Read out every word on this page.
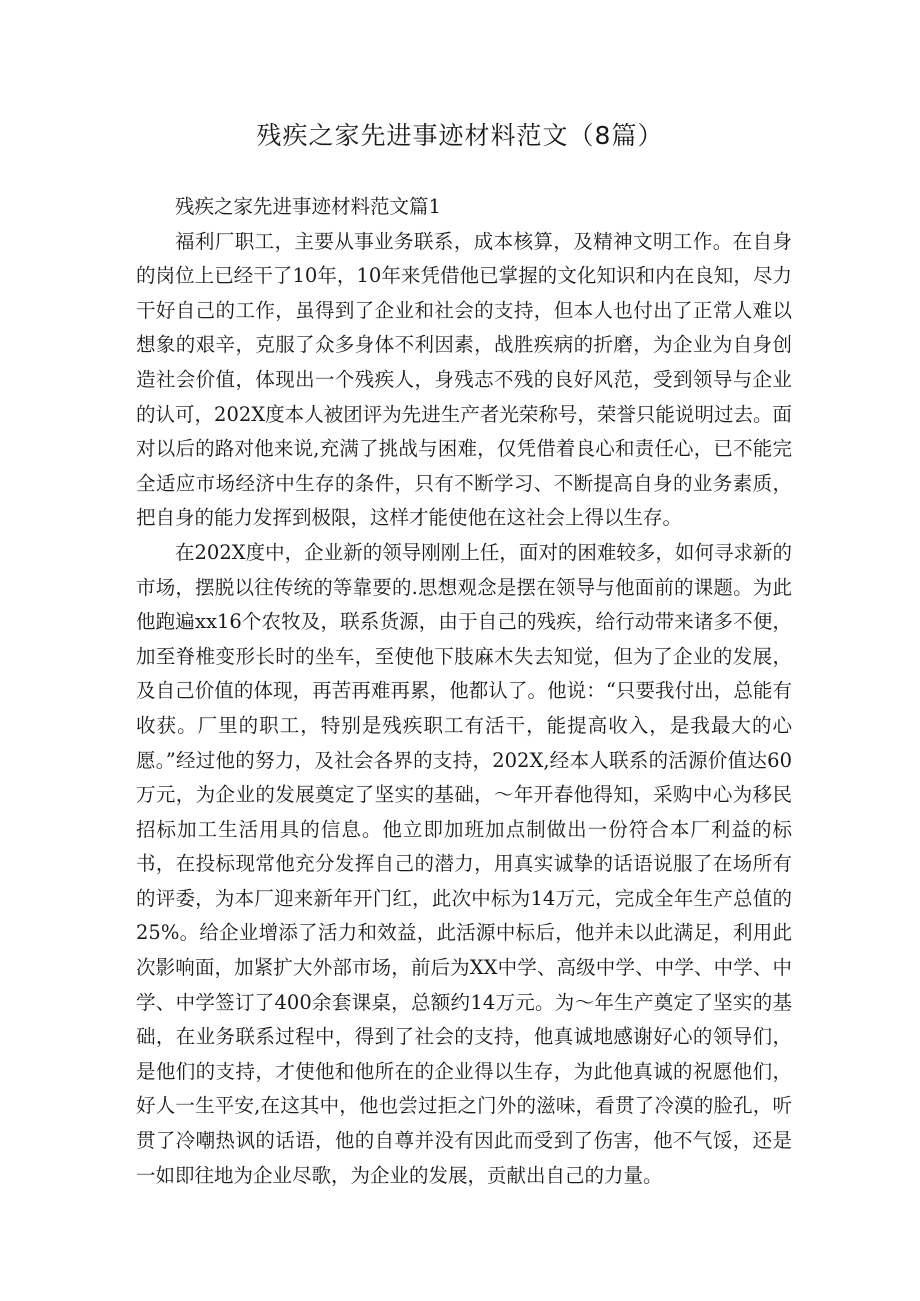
残疾之家先进事迹材料范文（8篇）

残疾之家先进事迹材料范文篇1

福利厂职工，主要从事业务联系，成本核算，及精神文明工作。在自身的岗位上已经干了10年，10年来凭借他已掌握的文化知识和内在良知，尽力干好自己的工作，虽得到了企业和社会的支持，但本人也付出了正常人难以想象的艰辛，克服了众多身体不利因素，战胜疾病的折磨，为企业为自身创造社会价值，体现出一个残疾人，身残志不残的良好风范，受到领导与企业的认可，202X度本人被团评为先进生产者光荣称号，荣誉只能说明过去。面对以后的路对他来说,充满了挑战与困难，仅凭借着良心和责任心，已不能完全适应市场经济中生存的条件，只有不断学习、不断提高自身的业务素质，把自身的能力发挥到极限，这样才能使他在这社会上得以生存。

在202X度中，企业新的领导刚刚上任，面对的困难较多，如何寻求新的市场，摆脱以往传统的等靠要的.思想观念是摆在领导与他面前的课题。为此他跑遍xx16个农牧及，联系货源，由于自己的残疾，给行动带来诸多不便，加至脊椎变形长时的坐车，至使他下肢麻木失去知觉，但为了企业的发展，及自己价值的体现，再苦再难再累，他都认了。他说：“只要我付出，总能有收获。厂里的职工，特别是残疾职工有活干，能提高收入，是我最大的心愿。”经过他的努力，及社会各界的支持，202X,经本人联系的活源价值达60万元，为企业的发展奠定了坚实的基础，～年开春他得知，采购中心为移民招标加工生活用具的信息。他立即加班加点制做出一份符合本厂利益的标书，在投标现常他充分发挥自己的潜力，用真实诚挚的话语说服了在场所有的评委，为本厂迎来新年开门红，此次中标为14万元，完成全年生产总值的25%。给企业增添了活力和效益，此活源中标后，他并未以此满足，利用此次影响面，加紧扩大外部市场，前后为XX中学、高级中学、中学、中学、中学、中学签订了400余套课桌，总额约14万元。为～年生产奠定了坚实的基础，在业务联系过程中，得到了社会的支持，他真诚地感谢好心的领导们，是他们的支持，才使他和他所在的企业得以生存，为此他真诚的祝愿他们，好人一生平安,在这其中，他也尝过拒之门外的滋味，看贯了冷漠的脸孔，听贯了冷嘲热讽的话语，他的自尊并没有因此而受到了伤害，他不气馁，还是一如即往地为企业尽歌，为企业的发展，贡献出自己的力量。
